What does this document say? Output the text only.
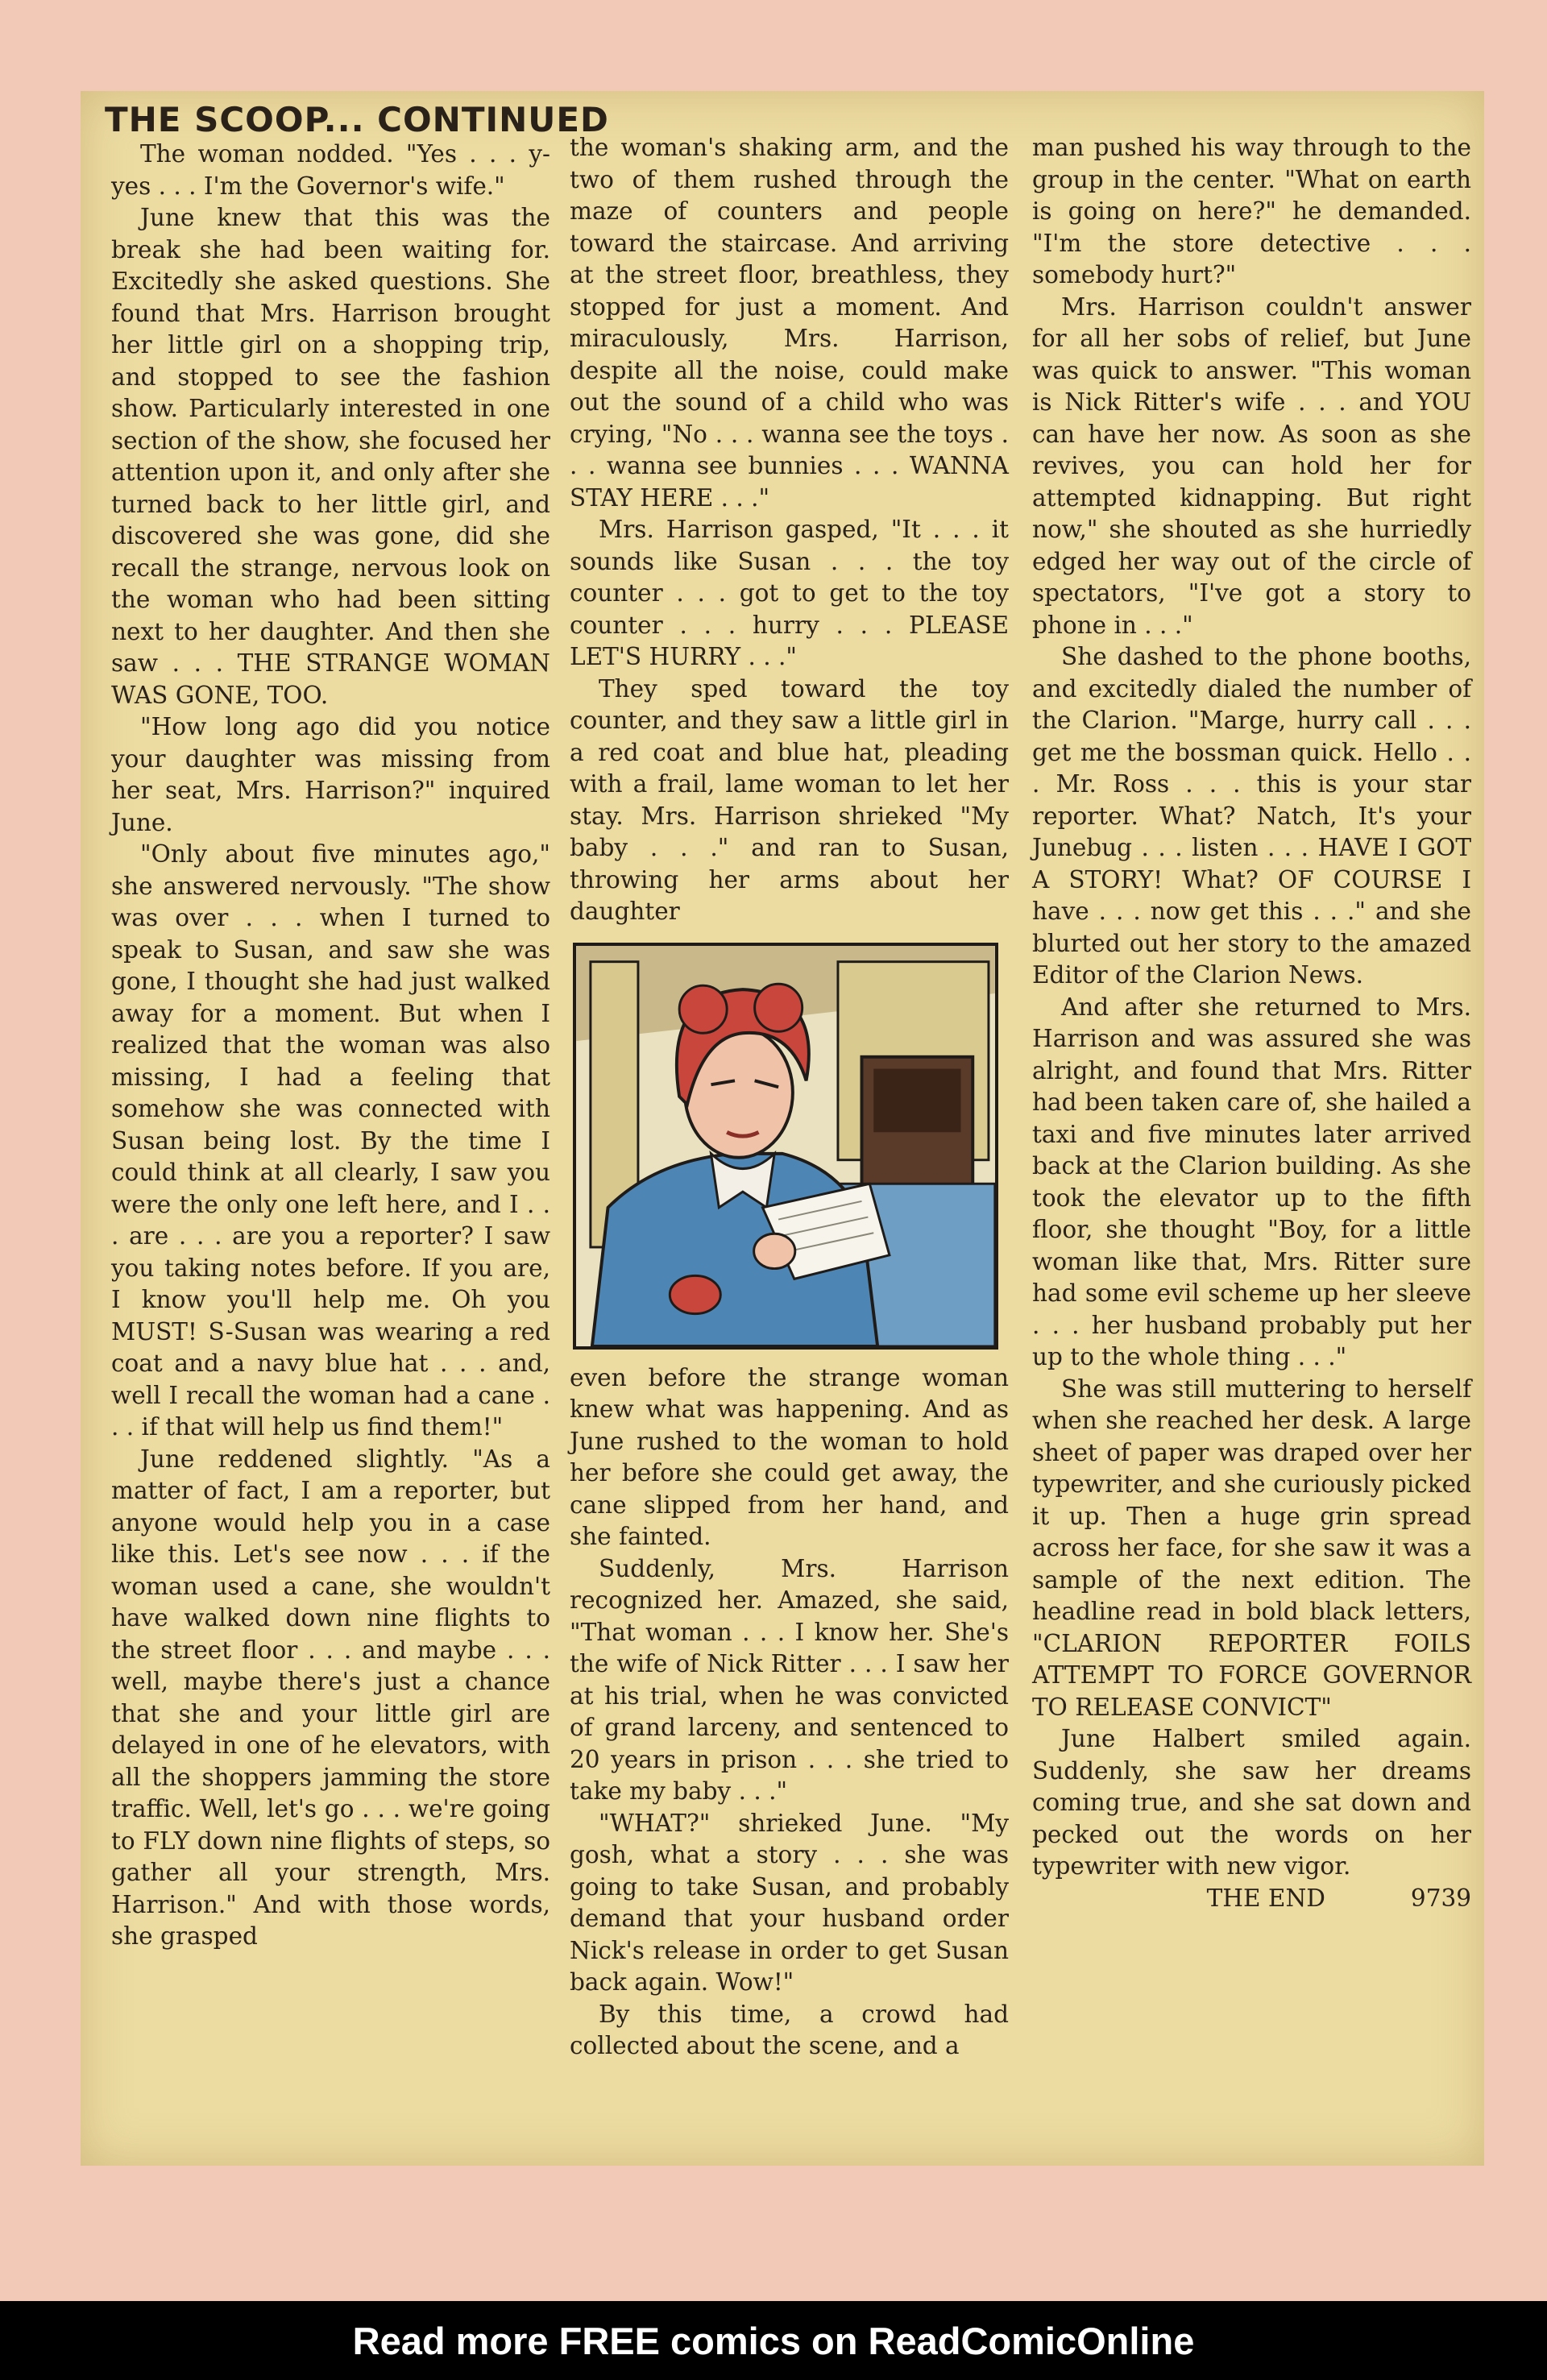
THE SCOOP... CONTINUED

The woman nodded. "Yes . . . y-yes . . . I'm the Governor's wife."

June knew that this was the break she had been waiting for. Excitedly she asked questions. She found that Mrs. Harrison brought her little girl on a shopping trip, and stopped to see the fashion show. Particularly interested in one section of the show, she focused her attention upon it, and only after she turned back to her little girl, and discovered she was gone, did she recall the strange, nervous look on the woman who had been sitting next to her daughter. And then she saw . . . THE STRANGE WOMAN WAS GONE, TOO.

"How long ago did you notice your daughter was missing from her seat, Mrs. Harrison?" inquired June.

"Only about five minutes ago," she answered nervously. "The show was over . . . when I turned to speak to Susan, and saw she was gone, I thought she had just walked away for a moment. But when I realized that the woman was also missing, I had a feeling that somehow she was connected with Susan being lost. By the time I could think at all clearly, I saw you were the only one left here, and I . . . are . . . are you a reporter? I saw you taking notes before. If you are, I know you'll help me. Oh you MUST! S-Susan was wearing a red coat and a navy blue hat . . . and, well I recall the woman had a cane . . . if that will help us find them!"

June reddened slightly. "As a matter of fact, I am a reporter, but anyone would help you in a case like this. Let's see now . . . if the woman used a cane, she wouldn't have walked down nine flights to the street floor . . . and maybe . . . well, maybe there's just a chance that she and your little girl are delayed in one of he elevators, with all the shoppers jamming the store traffic. Well, let's go . . . we're going to FLY down nine flights of steps, so gather all your strength, Mrs. Harrison." And with those words, she grasped

the woman's shaking arm, and the two of them rushed through the maze of counters and people toward the staircase. And arriving at the street floor, breathless, they stopped for just a moment. And miraculously, Mrs. Harrison, despite all the noise, could make out the sound of a child who was crying, "No . . . wanna see the toys . . . wanna see bunnies . . . WANNA STAY HERE . . ."

Mrs. Harrison gasped, "It . . . it sounds like Susan . . . the toy counter . . . got to get to the toy counter . . . hurry . . . PLEASE LET'S HURRY . . ."

They sped toward the toy counter, and they saw a little girl in a red coat and blue hat, pleading with a frail, lame woman to let her stay. Mrs. Harrison shrieked "My baby . . ." and ran to Susan, throwing her arms about her daughter

even before the strange woman knew what was happening. And as June rushed to the woman to hold her before she could get away, the cane slipped from her hand, and she fainted.

Suddenly, Mrs. Harrison recognized her. Amazed, she said, "That woman . . . I know her. She's the wife of Nick Ritter . . . I saw her at his trial, when he was convicted of grand larceny, and sentenced to 20 years in prison . . . she tried to take my baby . . ."

"WHAT?" shrieked June. "My gosh, what a story . . . she was going to take Susan, and probably demand that your husband order Nick's release in order to get Susan back again. Wow!"

By this time, a crowd had collected about the scene, and a

man pushed his way through to the group in the center. "What on earth is going on here?" he demanded. "I'm the store detective . . . somebody hurt?"

Mrs. Harrison couldn't answer for all her sobs of relief, but June was quick to answer. "This woman is Nick Ritter's wife . . . and YOU can have her now. As soon as she revives, you can hold her for attempted kidnapping. But right now," she shouted as she hurriedly edged her way out of the circle of spectators, "I've got a story to phone in . . ."

She dashed to the phone booths, and excitedly dialed the number of the Clarion. "Marge, hurry call . . . get me the bossman quick. Hello . . . Mr. Ross . . . this is your star reporter. What? Natch, It's your Junebug . . . listen . . . HAVE I GOT A STORY! What? OF COURSE I have . . . now get this . . ." and she blurted out her story to the amazed Editor of the Clarion News.

And after she returned to Mrs. Harrison and was assured she was alright, and found that Mrs. Ritter had been taken care of, she hailed a taxi and five minutes later arrived back at the Clarion building. As she took the elevator up to the fifth floor, she thought "Boy, for a little woman like that, Mrs. Ritter sure had some evil scheme up her sleeve . . . her husband probably put her up to the whole thing . . ."

She was still muttering to herself when she reached her desk. A large sheet of paper was draped over her typewriter, and she curiously picked it up. Then a huge grin spread across her face, for she saw it was a sample of the next edition. The headline read in bold black letters, "CLARION REPORTER FOILS ATTEMPT TO FORCE GOVERNOR TO RELEASE CONVICT"

June Halbert smiled again. Suddenly, she saw her dreams coming true, and she sat down and pecked out the words on her typewriter with new vigor.

THE END	9739

Read more FREE comics on ReadComicOnline
